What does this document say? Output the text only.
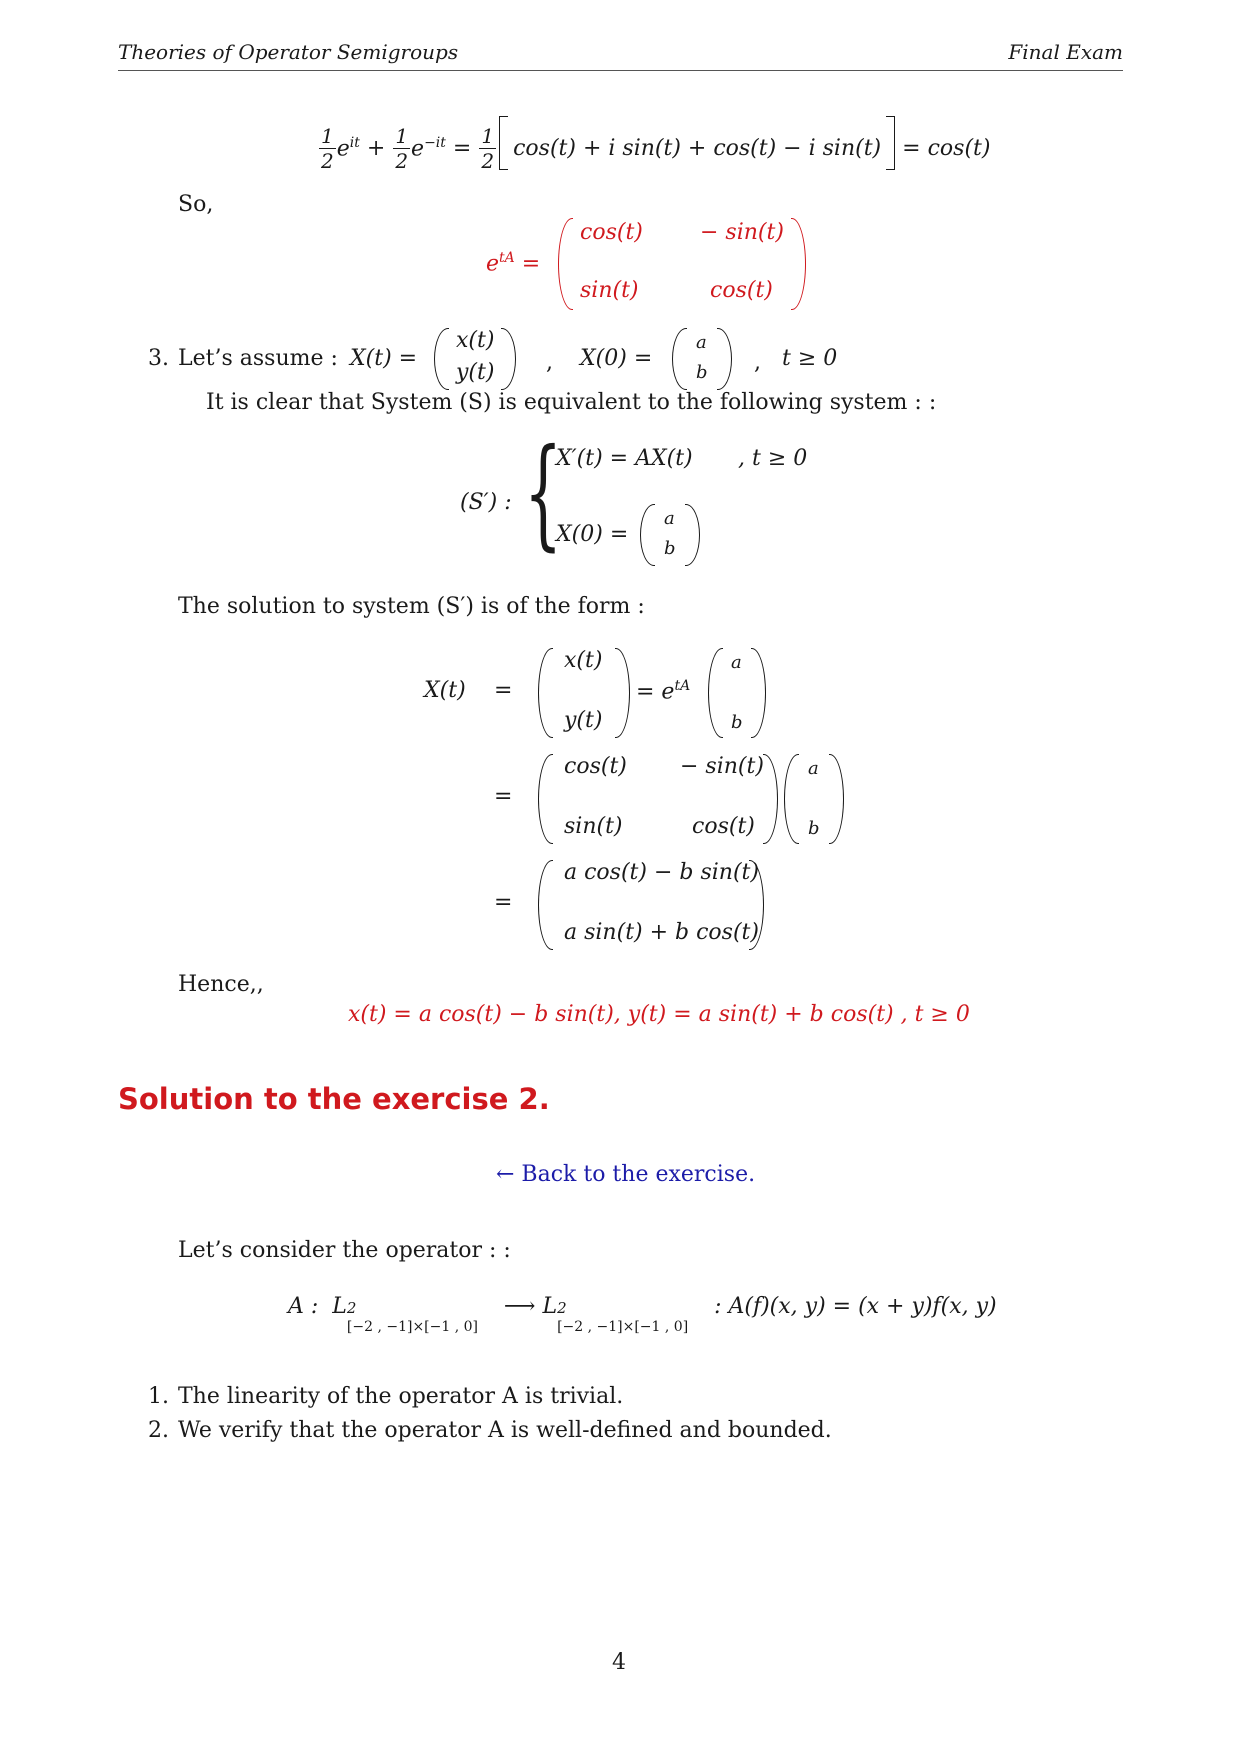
Theories of Operator Semigroups	Final Exam
$\frac{1}{2} e^{it}$
+
$\frac{1}{2} e^{-it}$
=
$\frac{1}{2} \cos(t) + i$ sin(t) + cos(t) − i sin(t)
= cos(t)
So,
$e^{tA}$ =
cos(t)	− sin(t)
sin(t)	cos(t)
3. Let’s assume : X(t) =
x(t)
y(t) , X(0) =
a
b , t ≥ 0
It is clear that System (S) is equivalent to the following system : :
(S′) : {
X′(t) = AX(t) , t ≥ 0
X(0) =
a
b
The solution to system (S′) is of the form :
X(t) =
x(t)
y(t)
= $e^{tA}$
a
b
=
cos(t) − sin(t)
sin(t)	cos(t)
a
b
=
a cos(t) − b sin(t)
a sin(t) + b cos(t)
Hence,,
x(t) = a cos(t) − b sin(t), y(t) = a sin(t) + b cos(t) , t ≥ 0
Solution to the exercise 2.
← Back to the exercise.
Let’s consider the operator : :
A : L 2
[−2 , −1]×[−1 , 0]
⟶ L 2
[−2 , −1]×[−1 , 0]
: A(f)(x, y) = (x + y)f(x, y)
1. The linearity of the operator A is trivial.
2. We verify that the operator A is well-defined and bounded.
4
